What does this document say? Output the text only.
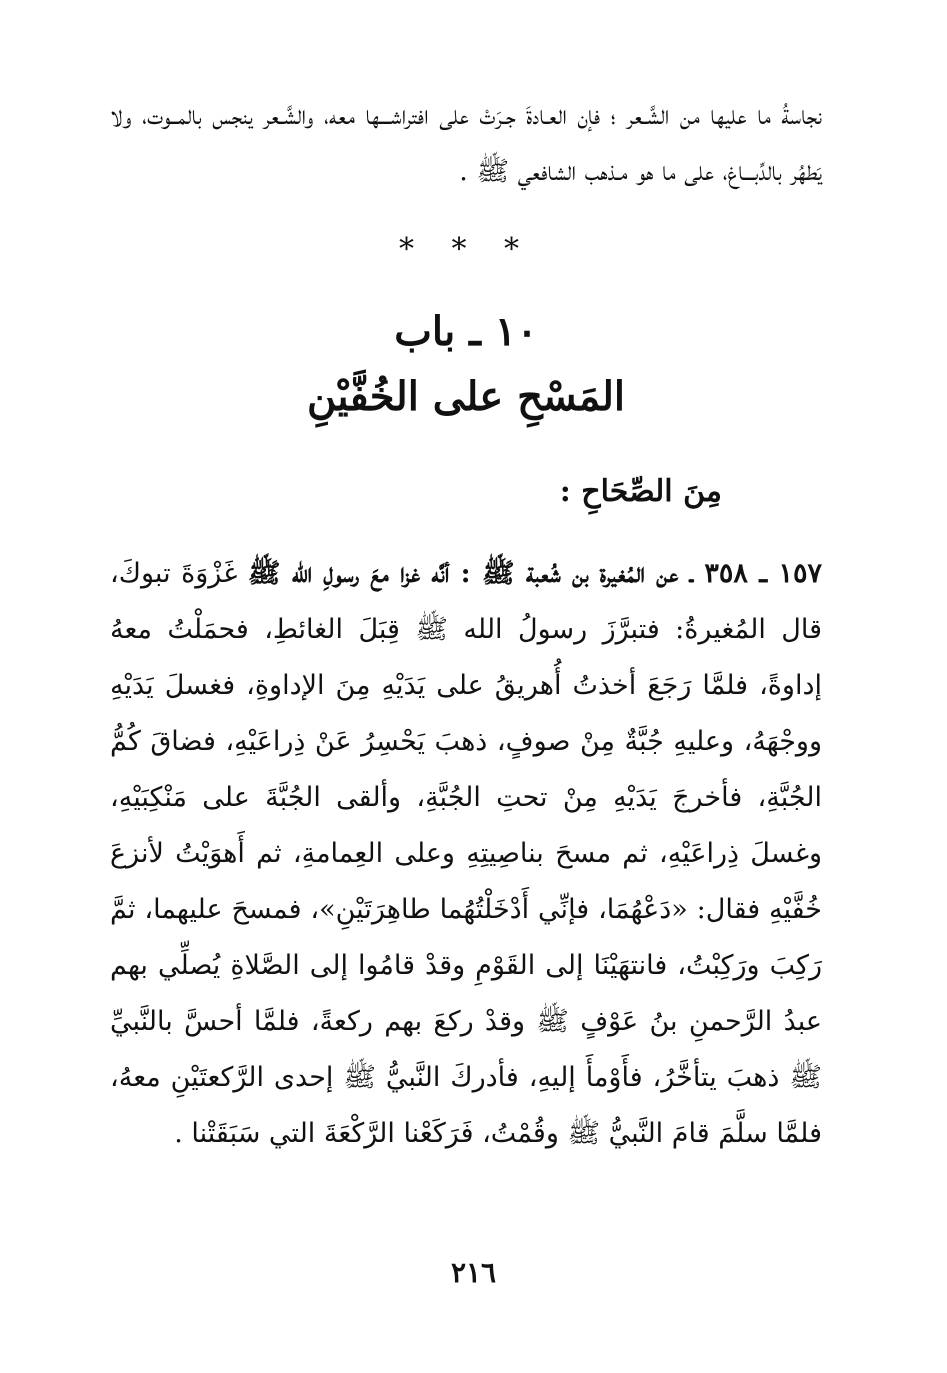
نجاسةُ ما عليها من الشَّـعر ؛ فإن العـادةَ جـرَتْ على افتراشـــها معه، والشَّـعر ينجس بالمــوت، ولا يَطهُر بالدِّبـــاغ، على ما هو مـذهب الشافعي ﷺ .

* * *
١٠ ـ باب
المَسْحِ على الخُفَّيْنِ
مِنَ الصِّحَاحِ :

١٥٧ ـ ٣٥٨ ـ عن المُغيرة بن شُعبة ﷺ : أنَّه غزا معَ رسولِ الله ﷺ غَزْوَةَ تبوكَ، قال المُغيرةُ: فتبرَّزَ رسولُ الله ﷺ قِبَلَ الغائطِ، فحمَلْتُ معهُ إداوةً، فلمَّا رَجَعَ أخذتُ أُهريقُ على يَدَيْهِ مِنَ الإداوةِ، فغسلَ يَدَيْهِ ووجْهَهُ، وعليهِ جُبَّةٌ مِنْ صوفٍ، ذهبَ يَحْسِرُ عَنْ ذِراعَيْهِ، فضاقَ كُمُّ الجُبَّةِ، فأخرجَ يَدَيْهِ مِنْ تحتِ الجُبَّةِ، وألقى الجُبَّةَ على مَنْكِبَيْهِ، وغسلَ ذِراعَيْهِ، ثم مسحَ بناصِيتِهِ وعلى العِمامةِ، ثم أَهوَيْتُ لأنزعَ خُفَّيْهِ فقال: «دَعْهُمَا، فإنِّي أَدْخَلْتُهُما طاهِرَتَيْنِ»، فمسحَ عليهما، ثمَّ رَكِبَ ورَكِبْتُ، فانتهَيْنَا إلى القَوْمِ وقدْ قامُوا إلى الصَّلاةِ يُصلِّي بهم عبدُ الرَّحمنِ بنُ عَوْفٍ ﷺ وقدْ ركعَ بهم ركعةً، فلمَّا أحسَّ بالنَّبيِّ ﷺ ذهبَ يتأخَّرُ، فأَوْمأَ إليهِ، فأدركَ النَّبيُّ ﷺ إحدى الرَّكعتَيْنِ معهُ، فلمَّا سلَّمَ قامَ النَّبيُّ ﷺ وقُمْتُ، فَرَكَعْنا الرَّكْعَةَ التي سَبَقَتْنا .

٢١٦
